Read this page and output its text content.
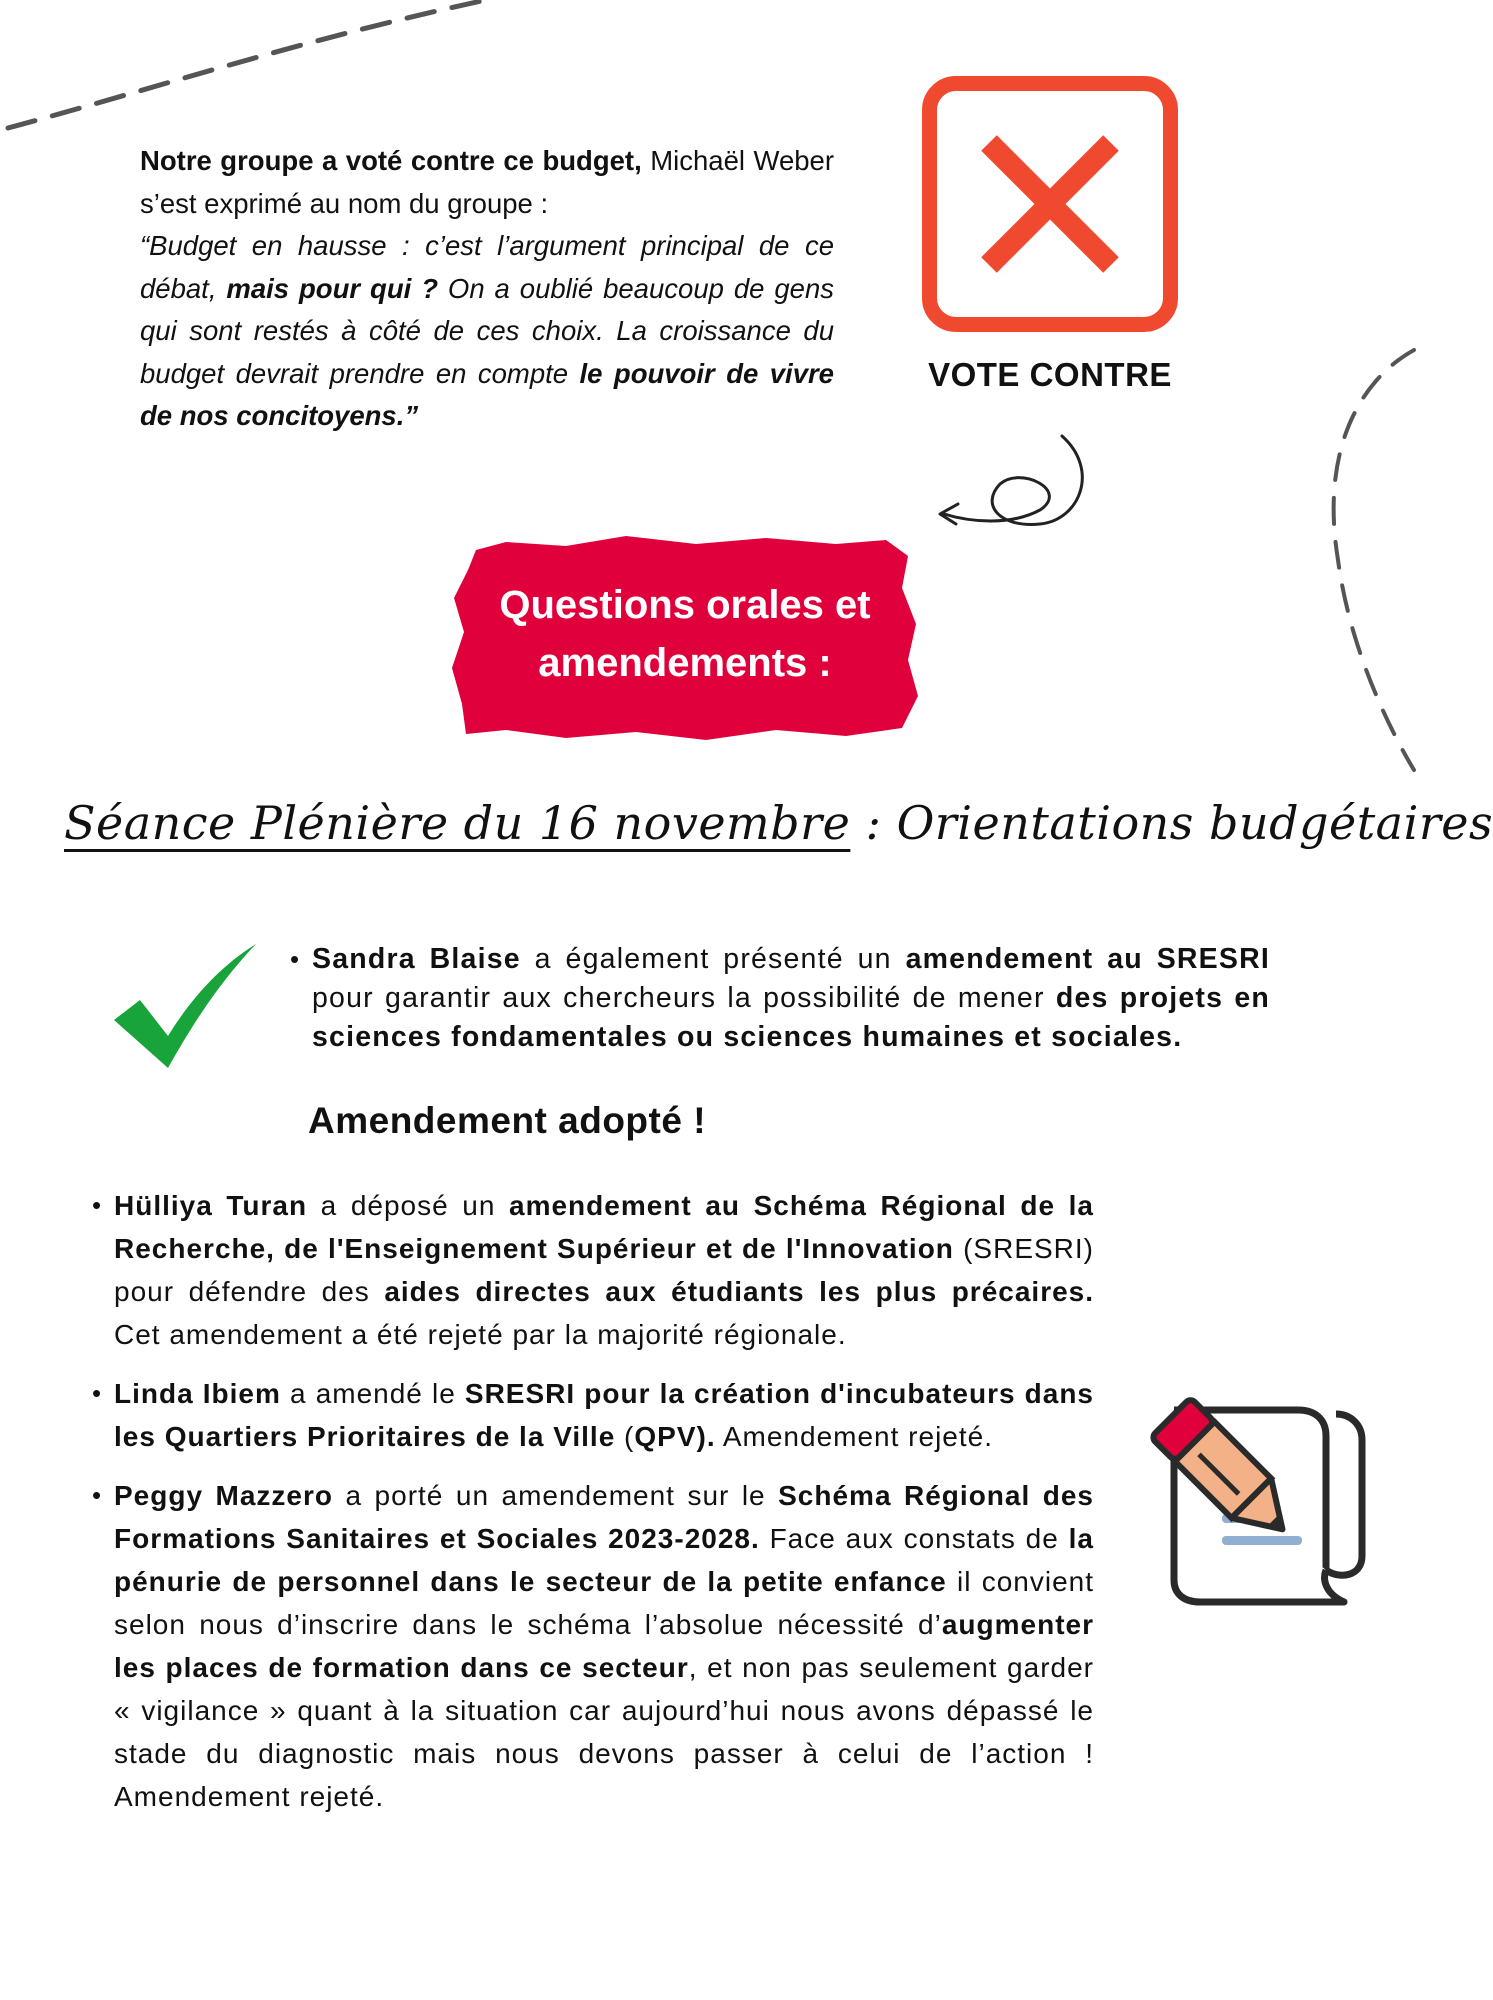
Notre groupe a voté contre ce budget, Michaël Weber s’est exprimé au nom du groupe :

“Budget en hausse : c’est l’argument principal de ce débat, mais pour qui ? On a oublié beaucoup de gens qui sont restés à côté de ces choix. La croissance du budget devrait prendre en compte le pouvoir de vivre de nos concitoyens.”

VOTE CONTRE
Questions orales et
amendements :
Séance Plénière du 16 novembre : Orientations budgétaires
• Sandra Blaise a également présenté un amendement au SRESRI pour garantir aux chercheurs la possibilité de mener des projets en sciences fondamentales ou sciences humaines et sociales.
Amendement adopté !
• Hülliya Turan a déposé un amendement au Schéma Régional de la Recherche, de l'Enseignement Supérieur et de l'Innovation (SRESRI) pour défendre des aides directes aux étudiants les plus précaires. Cet amendement a été rejeté par la majorité régionale.
• Linda Ibiem a amendé le SRESRI pour la création d'incubateurs dans les Quartiers Prioritaires de la Ville (QPV). Amendement rejeté.
• Peggy Mazzero a porté un amendement sur le Schéma Régional des Formations Sanitaires et Sociales 2023-2028. Face aux constats de la pénurie de personnel dans le secteur de la petite enfance il convient selon nous d’inscrire dans le schéma l’absolue nécessité d’augmenter les places de formation dans ce secteur, et non pas seulement garder « vigilance » quant à la situation car aujourd’hui nous avons dépassé le stade du diagnostic mais nous devons passer à celui de l’action ! Amendement rejeté.
